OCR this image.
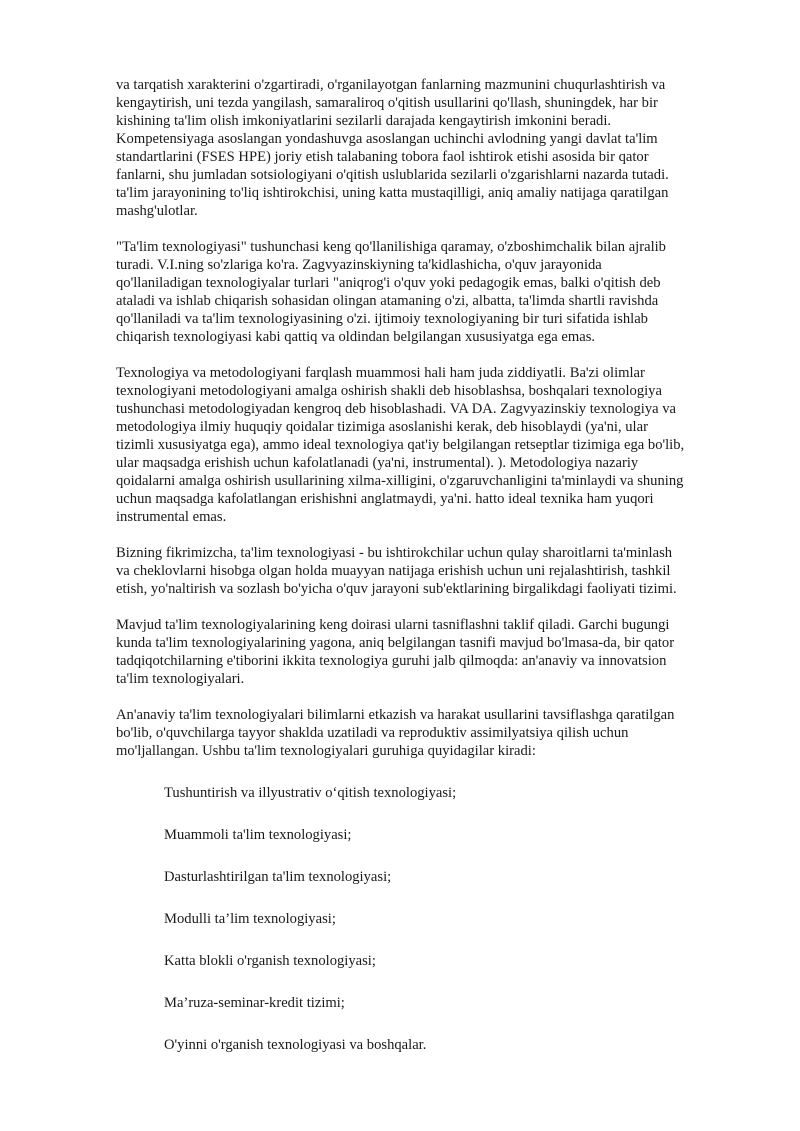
va tarqatish xarakterini o'zgartiradi, o'rganilayotgan fanlarning mazmunini chuqurlashtirish va
kengaytirish, uni tezda yangilash, samaraliroq o'qitish usullarini qo'llash, shuningdek, har bir
kishining ta'lim olish imkoniyatlarini sezilarli darajada kengaytirish imkonini beradi.
Kompetensiyaga asoslangan yondashuvga asoslangan uchinchi avlodning yangi davlat ta'lim
standartlarini (FSES HPE) joriy etish talabaning tobora faol ishtirok etishi asosida bir qator
fanlarni, shu jumladan sotsiologiyani o'qitish uslublarida sezilarli o'zgarishlarni nazarda tutadi.
ta'lim jarayonining to'liq ishtirokchisi, uning katta mustaqilligi, aniq amaliy natijaga qaratilgan
mashg'ulotlar.

"Ta'lim texnologiyasi" tushunchasi keng qo'llanilishiga qaramay, o'zboshimchalik bilan ajralib
turadi. V.I.ning so'zlariga ko'ra. Zagvyazinskiyning ta'kidlashicha, o'quv jarayonida
qo'llaniladigan texnologiyalar turlari "aniqrog'i o'quv yoki pedagogik emas, balki o'qitish deb
ataladi va ishlab chiqarish sohasidan olingan atamaning o'zi, albatta, ta'limda shartli ravishda
qo'llaniladi va ta'lim texnologiyasining o'zi. ijtimoiy texnologiyaning bir turi sifatida ishlab
chiqarish texnologiyasi kabi qattiq va oldindan belgilangan xususiyatga ega emas.

Texnologiya va metodologiyani farqlash muammosi hali ham juda ziddiyatli. Ba'zi olimlar
texnologiyani metodologiyani amalga oshirish shakli deb hisoblashsa, boshqalari texnologiya
tushunchasi metodologiyadan kengroq deb hisoblashadi. VA DA. Zagvyazinskiy texnologiya va
metodologiya ilmiy huquqiy qoidalar tizimiga asoslanishi kerak, deb hisoblaydi (ya'ni, ular
tizimli xususiyatga ega), ammo ideal texnologiya qat'iy belgilangan retseptlar tizimiga ega bo'lib,
ular maqsadga erishish uchun kafolatlanadi (ya'ni, instrumental). ). Metodologiya nazariy
qoidalarni amalga oshirish usullarining xilma-xilligini, o'zgaruvchanligini ta'minlaydi va shuning
uchun maqsadga kafolatlangan erishishni anglatmaydi, ya'ni. hatto ideal texnika ham yuqori
instrumental emas.

Bizning fikrimizcha, ta'lim texnologiyasi - bu ishtirokchilar uchun qulay sharoitlarni ta'minlash
va cheklovlarni hisobga olgan holda muayyan natijaga erishish uchun uni rejalashtirish, tashkil
etish, yo'naltirish va sozlash bo'yicha o'quv jarayoni sub'ektlarining birgalikdagi faoliyati tizimi.

Mavjud ta'lim texnologiyalarining keng doirasi ularni tasniflashni taklif qiladi. Garchi bugungi
kunda ta'lim texnologiyalarining yagona, aniq belgilangan tasnifi mavjud bo'lmasa-da, bir qator
tadqiqotchilarning e'tiborini ikkita texnologiya guruhi jalb qilmoqda: an'anaviy va innovatsion
ta'lim texnologiyalari.

An'anaviy ta'lim texnologiyalari bilimlarni etkazish va harakat usullarini tavsiflashga qaratilgan
bo'lib, o'quvchilarga tayyor shaklda uzatiladi va reproduktiv assimilyatsiya qilish uchun
mo'ljallangan. Ushbu ta'lim texnologiyalari guruhiga quyidagilar kiradi:

Tushuntirish va illyustrativ o‘qitish texnologiyasi;
Muammoli ta'lim texnologiyasi;
Dasturlashtirilgan ta'lim texnologiyasi;
Modulli ta’lim texnologiyasi;
Katta blokli o'rganish texnologiyasi;
Ma’ruza-seminar-kredit tizimi;
O'yinni o'rganish texnologiyasi va boshqalar.
